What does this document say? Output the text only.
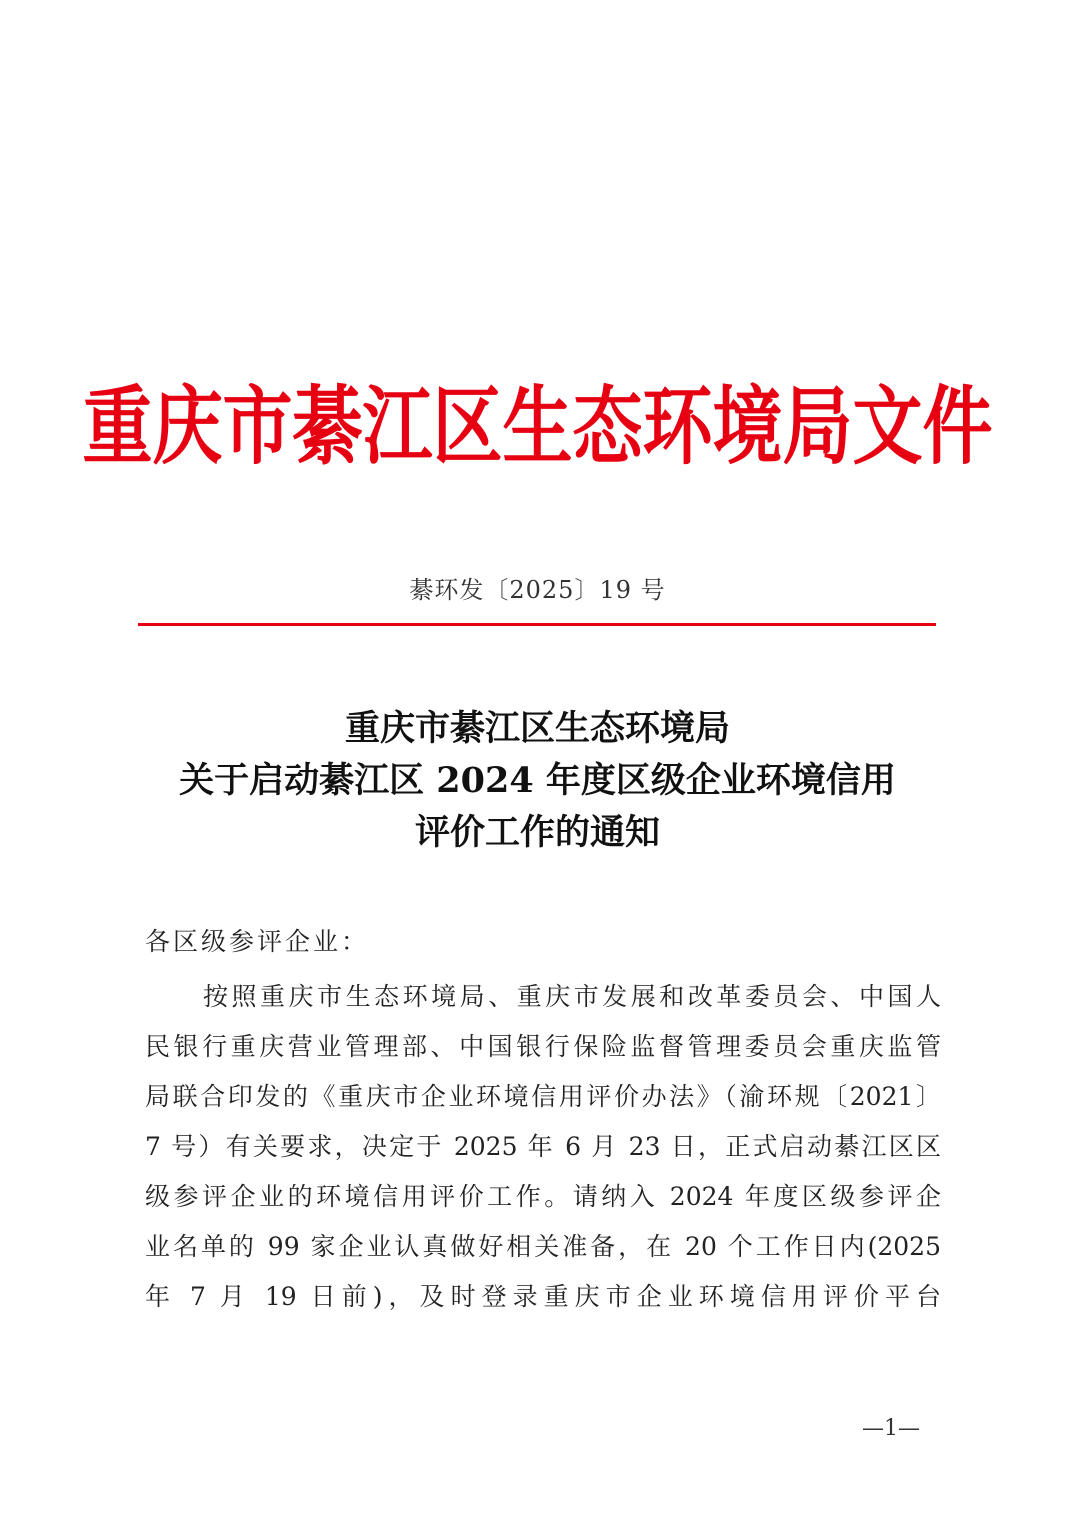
重庆市綦江区生态环境局文件
綦环发〔2025〕19 号
重庆市綦江区生态环境局
关于启动綦江区 2024 年度区级企业环境信用
评价工作的通知
各区级参评企业：
按照重庆市生态环境局、重庆市发展和改革委员会、中国人
民银行重庆营业管理部、中国银行保险监督管理委员会重庆监管
局联合印发的《重庆市企业环境信用评价办法》（渝环规〔2021〕
7 号）有关要求，决定于 2025 年 6 月 23 日，正式启动綦江区区
级参评企业的环境信用评价工作。请纳入 2024 年度区级参评企
业名单的 99 家企业认真做好相关准备，在 20 个工作日内(2025
年 7 月 19 日前)，及时登录重庆市企业环境信用评价平台
—1—
